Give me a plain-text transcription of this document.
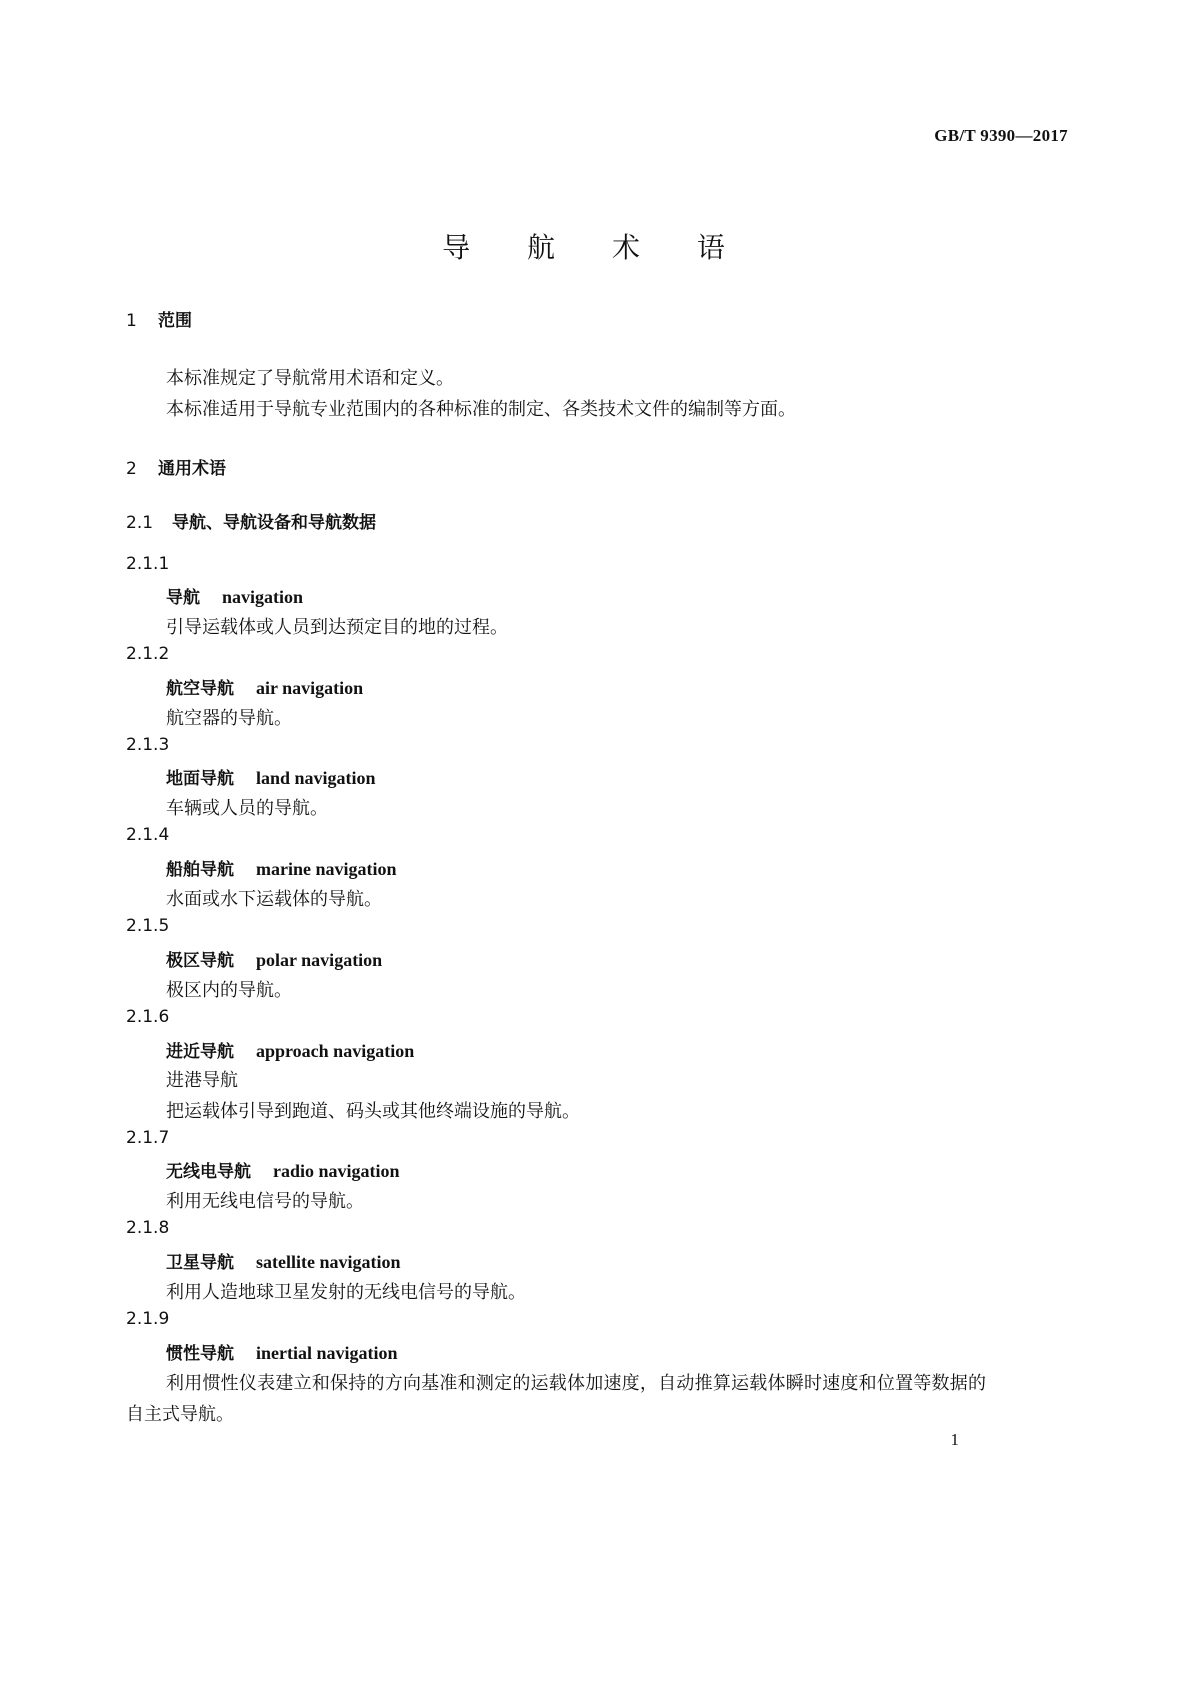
GB/T 9390—2017
导 航 术 语
1 范围
本标准规定了导航常用术语和定义。
本标准适用于导航专业范围内的各种标准的制定、各类技术文件的编制等方面。
2 通用术语
2.1 导航、导航设备和导航数据
2.1.1
导航 navigation
引导运载体或人员到达预定目的地的过程。
2.1.2
航空导航 air navigation
航空器的导航。
2.1.3
地面导航 land navigation
车辆或人员的导航。
2.1.4
船舶导航 marine navigation
水面或水下运载体的导航。
2.1.5
极区导航 polar navigation
极区内的导航。
2.1.6
进近导航 approach navigation
进港导航
把运载体引导到跑道、码头或其他终端设施的导航。
2.1.7
无线电导航 radio navigation
利用无线电信号的导航。
2.1.8
卫星导航 satellite navigation
利用人造地球卫星发射的无线电信号的导航。
2.1.9
惯性导航 inertial navigation
利用惯性仪表建立和保持的方向基准和测定的运载体加速度，自动推算运载体瞬时速度和位置等数据的自主式导航。
1
